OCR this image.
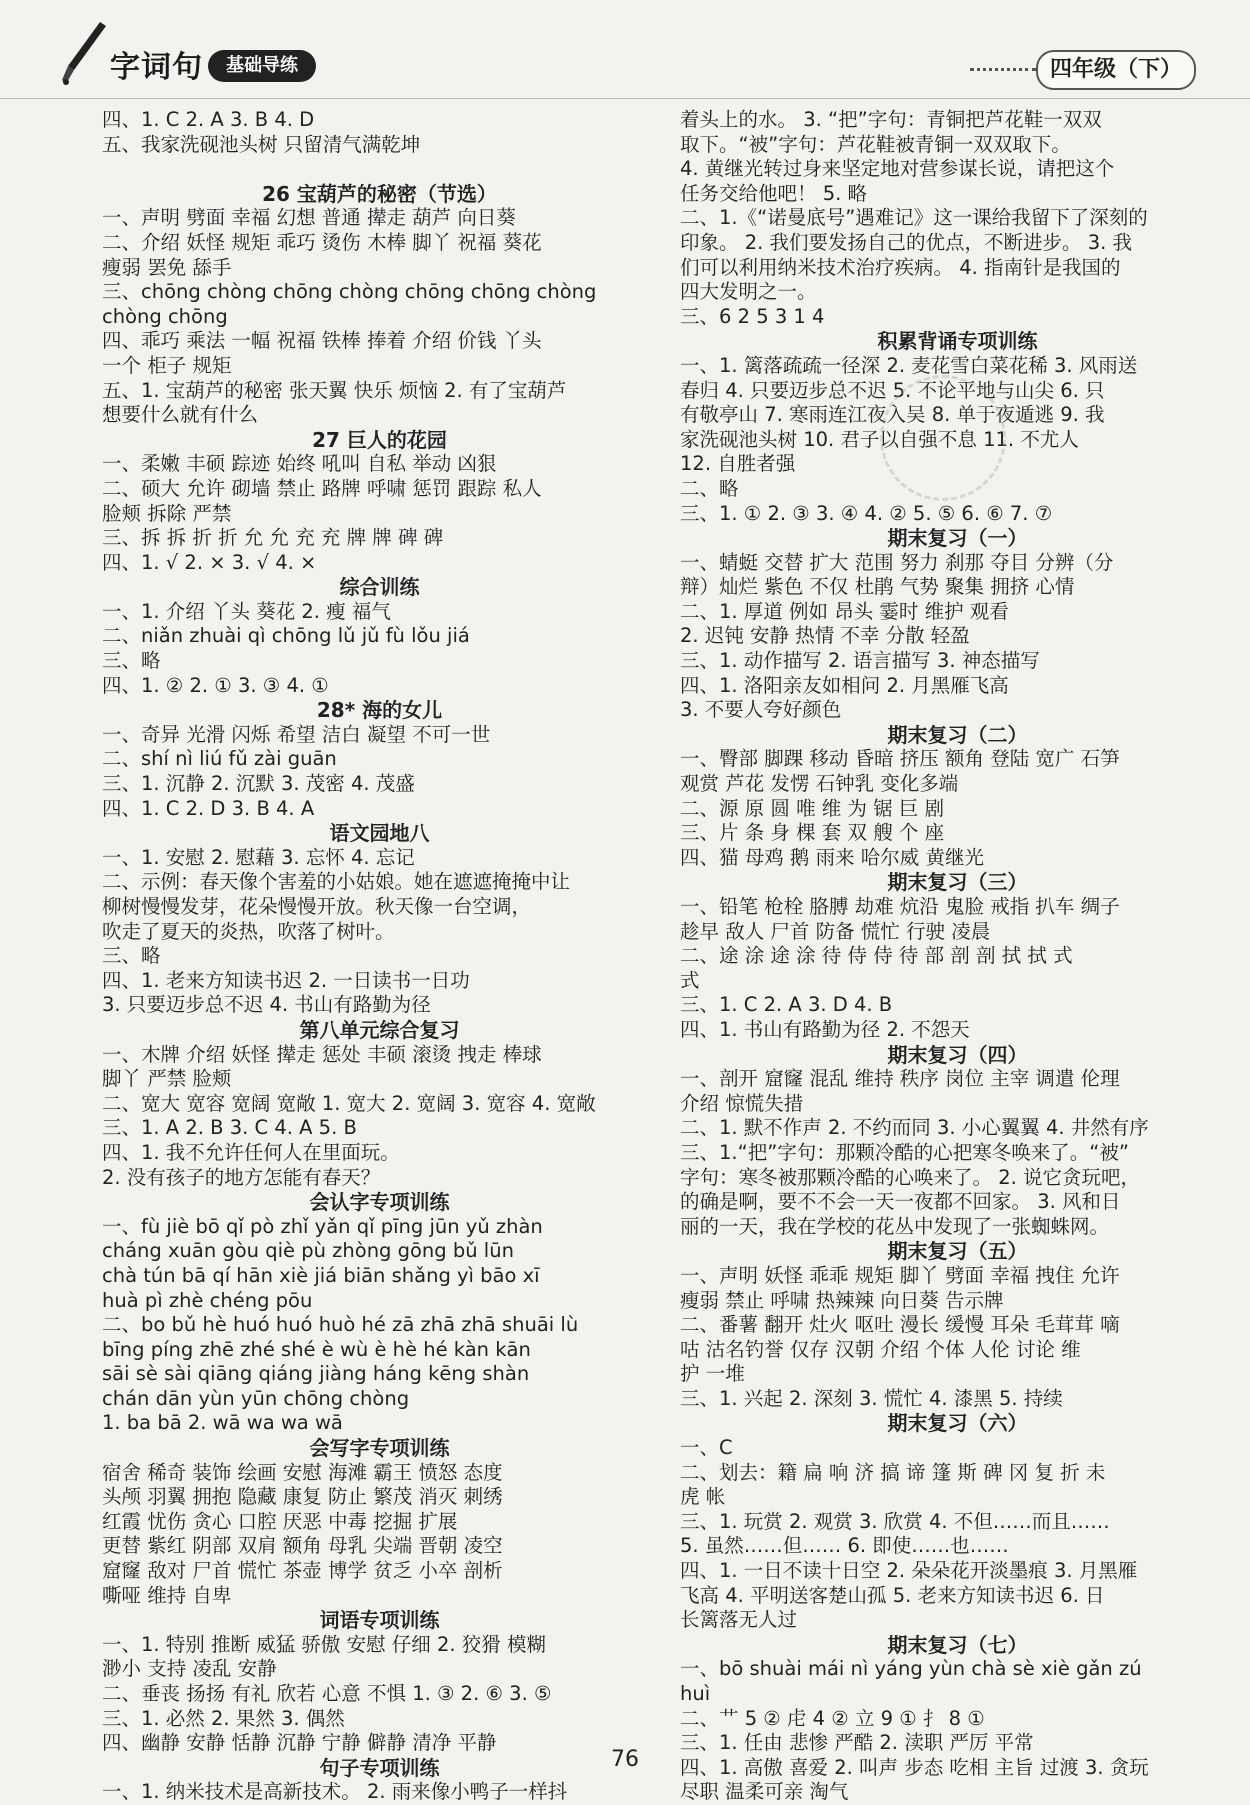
字词句	基础导练	四年级（下）
四、1. C 2. A 3. B 4. D
五、我家洗砚池头树 只留清气满乾坤

26 宝葫芦的秘密（节选）
一、声明 劈面 幸福 幻想 普通 撵走 葫芦 向日葵
二、介绍 妖怪 规矩 乖巧 烫伤 木棒 脚丫 祝福 葵花
瘦弱 罢免 舔手
三、chōng chòng chōng chòng chōng chōng chòng
chòng chōng
四、乖巧 乘法 一幅 祝福 铁棒 捧着 介绍 价钱 丫头
一个 柜子 规矩
五、1. 宝葫芦的秘密 张天翼 快乐 烦恼 2. 有了宝葫芦
想要什么就有什么
27 巨人的花园
一、柔嫩 丰硕 踪迹 始终 吼叫 自私 举动 凶狠
二、硕大 允许 砌墙 禁止 路牌 呼啸 惩罚 跟踪 私人
脸颊 拆除 严禁
三、拆 拆 折 折 允 允 充 充 牌 牌 碑 碑
四、1. √ 2. × 3. √ 4. ×
综合训练
一、1. 介绍 丫头 葵花 2. 瘦 福气
二、niǎn zhuài qì chōng lǔ jǔ fù lǒu jiá
三、略
四、1. ② 2. ① 3. ③ 4. ①
28* 海的女儿
一、奇异 光滑 闪烁 希望 洁白 凝望 不可一世
二、shí nì liú fǔ zài guān
三、1. 沉静 2. 沉默 3. 茂密 4. 茂盛
四、1. C 2. D 3. B 4. A
语文园地八
一、1. 安慰 2. 慰藉 3. 忘怀 4. 忘记
二、示例：春天像个害羞的小姑娘。她在遮遮掩掩中让
柳树慢慢发芽，花朵慢慢开放。秋天像一台空调，
吹走了夏天的炎热，吹落了树叶。
三、略
四、1. 老来方知读书迟 2. 一日读书一日功
3. 只要迈步总不迟 4. 书山有路勤为径
第八单元综合复习
一、木牌 介绍 妖怪 撵走 惩处 丰硕 滚烫 拽走 棒球
脚丫 严禁 脸颊
二、宽大 宽容 宽阔 宽敞 1. 宽大 2. 宽阔 3. 宽容 4. 宽敞
三、1. A 2. B 3. C 4. A 5. B
四、1. 我不允许任何人在里面玩。
2. 没有孩子的地方怎能有春天？
会认字专项训练
一、fù jiè bō qǐ pò zhǐ yǎn qǐ pīng jūn yǔ zhàn
cháng xuān gòu qiè pù zhòng gōng bǔ lūn
chà tún bā qí hān xiè jiá biān shǎng yì bāo xī
huà pì zhè chéng pōu
二、bo bǔ hè huó huó huò hé zā zhā zhā shuāi lù
bīng píng zhē zhé shé è wù è hè hé kàn kān
sāi sè sài qiāng qiáng jiàng háng kēng shàn
chán dān yùn yūn chōng chòng
1. ba bā 2. wā wa wa wā
会写字专项训练
宿舍 稀奇 装饰 绘画 安慰 海滩 霸王 愤怒 态度
头颅 羽翼 拥抱 隐藏 康复 防止 繁茂 消灭 刺绣
红霞 忧伤 贪心 口腔 厌恶 中毒 挖掘 扩展
更替 紫红 阴部 双肩 额角 母乳 尖端 晋朝 凌空
窟窿 敌对 尸首 慌忙 茶壶 博学 贫乏 小卒 剖析
嘶哑 维持 自卑
词语专项训练
一、1. 特别 推断 威猛 骄傲 安慰 仔细 2. 狡猾 模糊
渺小 支持 凌乱 安静
二、垂丧 扬扬 有礼 欣若 心意 不惧 1. ③ 2. ⑥ 3. ⑤
三、1. 必然 2. 果然 3. 偶然
四、幽静 安静 恬静 沉静 宁静 僻静 清净 平静
句子专项训练
一、1. 纳米技术是高新技术。 2. 雨来像小鸭子一样抖
着头上的水。 3. “把”字句：青铜把芦花鞋一双双
取下。“被”字句：芦花鞋被青铜一双双取下。
4. 黄继光转过身来坚定地对营参谋长说，请把这个
任务交给他吧！ 5. 略
二、1.《“诺曼底号”遇难记》这一课给我留下了深刻的
印象。 2. 我们要发扬自己的优点，不断进步。 3. 我
们可以利用纳米技术治疗疾病。 4. 指南针是我国的
四大发明之一。
三、6 2 5 3 1 4
积累背诵专项训练
一、1. 篱落疏疏一径深 2. 麦花雪白菜花稀 3. 风雨送
春归 4. 只要迈步总不迟 5. 不论平地与山尖 6. 只
有敬亭山 7. 寒雨连江夜入吴 8. 单于夜遁逃 9. 我
家洗砚池头树 10. 君子以自强不息 11. 不尤人
12. 自胜者强
二、略
三、1. ① 2. ③ 3. ④ 4. ② 5. ⑤ 6. ⑥ 7. ⑦
期末复习（一）
一、蜻蜓 交替 扩大 范围 努力 刹那 夺目 分辨（分
辩）灿烂 紫色 不仅 杜鹃 气势 聚集 拥挤 心情
二、1. 厚道 例如 昂头 霎时 维护 观看
2. 迟钝 安静 热情 不幸 分散 轻盈
三、1. 动作描写 2. 语言描写 3. 神态描写
四、1. 洛阳亲友如相问 2. 月黑雁飞高
3. 不要人夸好颜色
期末复习（二）
一、臀部 脚踝 移动 昏暗 挤压 额角 登陆 宽广 石笋
观赏 芦花 发愣 石钟乳 变化多端
二、源 原 圆 唯 维 为 锯 巨 剧
三、片 条 身 棵 套 双 艘 个 座
四、猫 母鸡 鹅 雨来 哈尔威 黄继光
期末复习（三）
一、铅笔 枪栓 胳膊 劫难 炕沿 鬼脸 戒指 扒车 绸子
趁早 敌人 尸首 防备 慌忙 行驶 凌晨
二、途 涂 途 涂 待 侍 侍 待 部 剖 剖 拭 拭 式
式
三、1. C 2. A 3. D 4. B
四、1. 书山有路勤为径 2. 不怨天
期末复习（四）
一、剖开 窟窿 混乱 维持 秩序 岗位 主宰 调遣 伦理
介绍 惊慌失措
二、1. 默不作声 2. 不约而同 3. 小心翼翼 4. 井然有序
三、1.“把”字句：那颗冷酷的心把寒冬唤来了。“被”
字句：寒冬被那颗冷酷的心唤来了。 2. 说它贪玩吧，
的确是啊，要不不会一天一夜都不回家。 3. 风和日
丽的一天，我在学校的花丛中发现了一张蜘蛛网。
期末复习（五）
一、声明 妖怪 乖乖 规矩 脚丫 劈面 幸福 拽住 允许
瘦弱 禁止 呼啸 热辣辣 向日葵 告示牌
二、番薯 翻开 灶火 呕吐 漫长 缓慢 耳朵 毛茸茸 嘀
咕 沽名钓誉 仅存 汉朝 介绍 个体 人伦 讨论 维
护 一堆
三、1. 兴起 2. 深刻 3. 慌忙 4. 漆黑 5. 持续
期末复习（六）
一、C
二、划去：籍 扁 响 济 搞 谛 篷 斯 碑 冈 复 折 未
虎 帐
三、1. 玩赏 2. 观赏 3. 欣赏 4. 不但……而且……
5. 虽然……但…… 6. 即使……也……
四、1. 一日不读十日空 2. 朵朵花开淡墨痕 3. 月黑雁
飞高 4. 平明送客楚山孤 5. 老来方知读书迟 6. 日
长篱落无人过
期末复习（七）
一、bō shuài mái nì yáng yùn chà sè xiè gǎn zú
huì
二、艹 5 ② 虍 4 ② 立 9 ① 扌 8 ①
三、1. 任由 悲惨 严酷 2. 渎职 严厉 平常
四、1. 高傲 喜爱 2. 叫声 步态 吃相 主旨 过渡 3. 贪玩
尽职 温柔可亲 淘气
76
